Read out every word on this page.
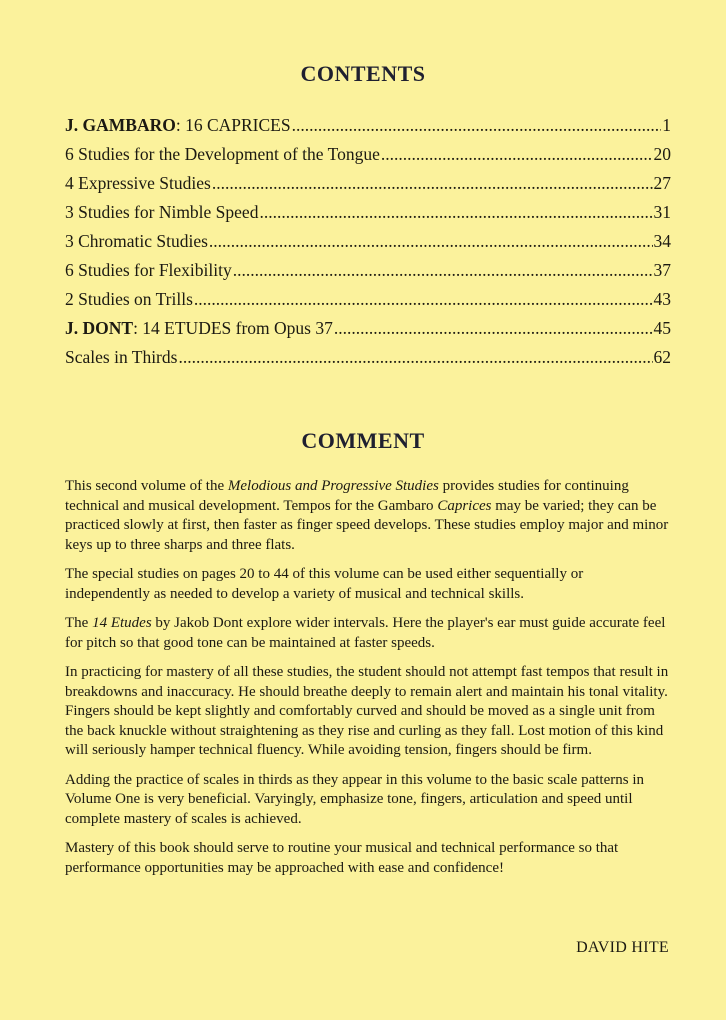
CONTENTS
J. GAMBARO: 16 CAPRICES .....	1
6 Studies for the Development of the Tongue .....	20
4 Expressive Studies .....	27
3 Studies for Nimble Speed .....	31
3 Chromatic Studies .....	34
6 Studies for Flexibility .....	37
2 Studies on Trills .....	43
J. DONT: 14 ETUDES from Opus 37 .....	45
Scales in Thirds .....	62
COMMENT

This second volume of the Melodious and Progressive Studies provides studies for continuing technical and musical development. Tempos for the Gambaro Caprices may be varied; they can be practiced slowly at first, then faster as finger speed develops. These studies employ major and minor keys up to three sharps and three flats.

The special studies on pages 20 to 44 of this volume can be used either sequentially or independently as needed to develop a variety of musical and technical skills.

The 14 Etudes by Jakob Dont explore wider intervals. Here the player's ear must guide accurate feel for pitch so that good tone can be maintained at faster speeds.

In practicing for mastery of all these studies, the student should not attempt fast tempos that result in breakdowns and inaccuracy. He should breathe deeply to remain alert and maintain his tonal vitality. Fingers should be kept slightly and comfortably curved and should be moved as a single unit from the back knuckle without straightening as they rise and curling as they fall. Lost motion of this kind will seriously hamper technical fluency. While avoiding tension, fingers should be firm.

Adding the practice of scales in thirds as they appear in this volume to the basic scale patterns in Volume One is very beneficial. Varyingly, emphasize tone, fingers, articulation and speed until complete mastery of scales is achieved.

Mastery of this book should serve to routine your musical and technical performance so that performance opportunities may be approached with ease and confidence!

DAVID HITE
